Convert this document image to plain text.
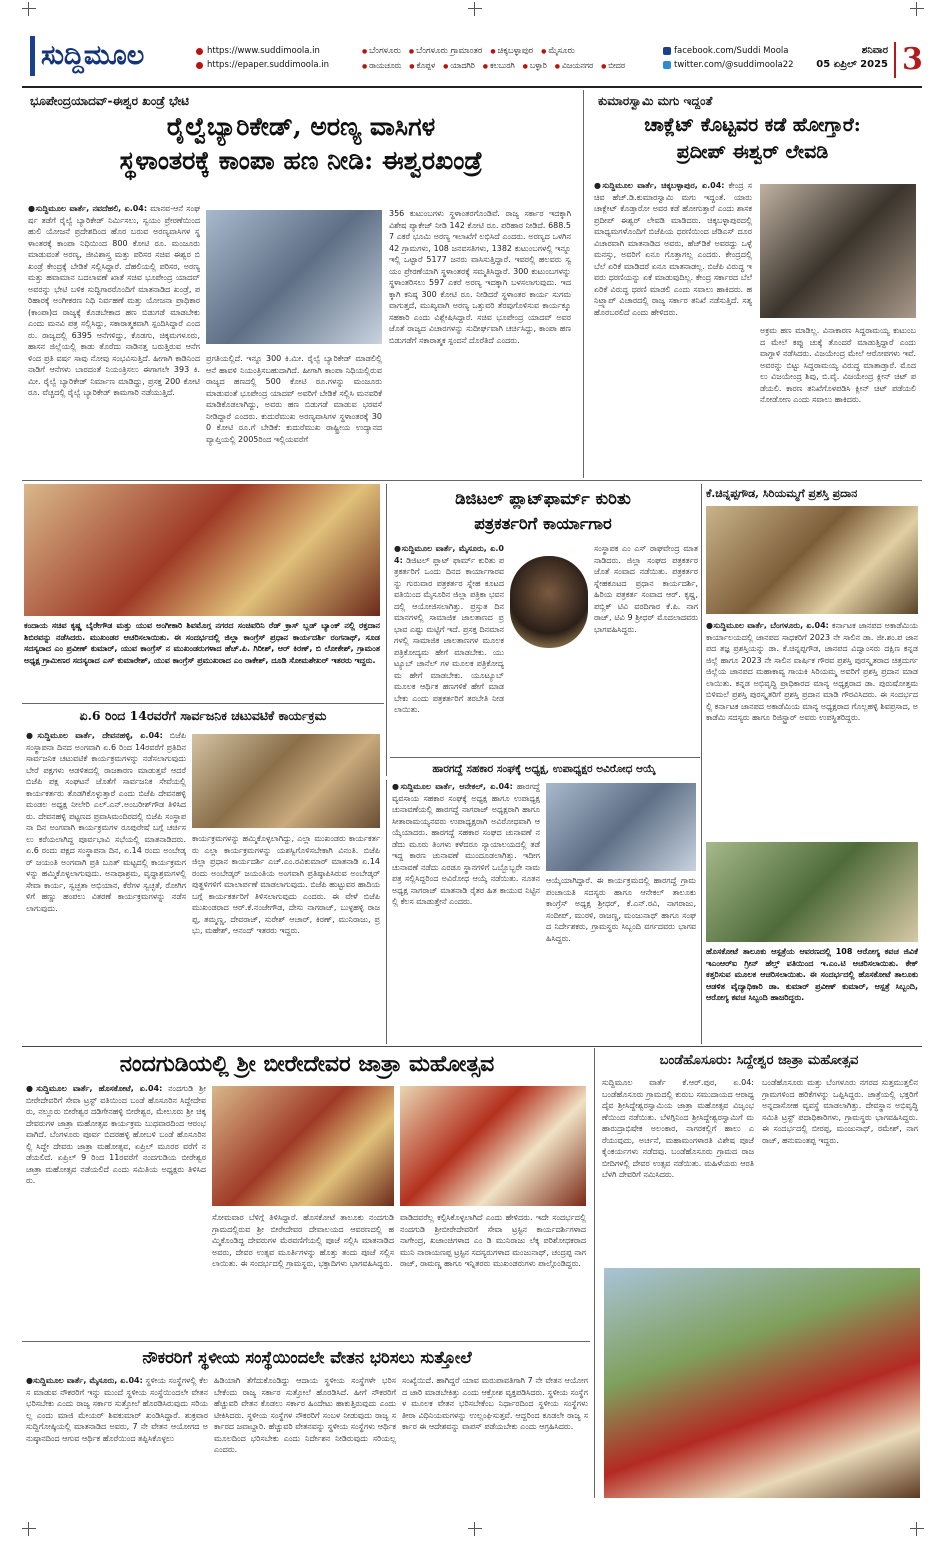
ಸುದ್ದಿಮೂಲ	https://www.suddimoola.in
https://epaper.suddimoola.in
● ಬೆಂಗಳೂರು ● ಬೆಂಗಳೂರು ಗ್ರಾಮಾಂತರ ● ಚಿಕ್ಕಬಳ್ಳಾಪುರ ● ಮೈಸೂರು
● ರಾಯಚೂರು ● ಕೊಪ್ಪಳ ● ಯಾದಗಿರಿ ● ಕಲಬುರಗಿ ● ಬಳ್ಳಾರಿ ● ವಿಜಯನಗರ ● ಬೀದರ
facebook.com/Suddi Moola
twitter.com/@suddimoola22
ಶನಿವಾರ
05 ಏಪ್ರಿಲ್ 2025 3
ಭೂಪೇಂದ್ರಯಾದವ್-ಈಶ್ವರ ಖಂಡ್ರೆ ಭೇಟಿ
ರೈಲ್ವೆಬ್ಯಾರಿಕೇಡ್, ಅರಣ್ಯ ವಾಸಿಗಳ
ಸ್ಥಳಾಂತರಕ್ಕೆ ಕಾಂಪಾ ಹಣ ನೀಡಿ: ಈಶ್ವರಖಂಡ್ರೆ
●ಸುದ್ದಿಮೂಲ ವಾರ್ತೆ, ನವದೆಹಲಿ, ಏ.04: ಮಾನವ-ಆನೆ ಸಂಘರ್ಷ ತಡೆಗೆ ರೈಲ್ವೆ ಬ್ಯಾರಿಕೇಡ್ ನಿರ್ಮಿಸಲು, ಸ್ವಯಂ ಪ್ರೇರಣೆಯಿಂದ ಹುಲಿ ಯೋಜನೆ ಪ್ರದೇಶದಿಂದ ಹೊರ ಬರುವ ಅರಣ್ಯವಾಸಿಗಳ ಸ್ಥಳಾಂತರಕ್ಕೆ ಕಾಂಪಾ ನಿಧಿಯಿಂದ 800 ಕೋಟಿ ರೂ. ಮಂಜೂರು ಮಾಡುವಂತೆ ಅರಣ್ಯ, ಜೀವಿಶಾಸ್ತ್ರ ಮತ್ತು ಪರಿಸರ ಸಚಿವ ಈಶ್ವರ ಬಿ ಖಂಡ್ರೆ ಕೇಂದ್ರಕ್ಕೆ ಬೇಡಿಕೆ ಸಲ್ಲಿಸಿದ್ದಾರೆ. ದೆಹಲಿಯಲ್ಲಿ ಪರಿಸರ, ಅರಣ್ಯ ಮತ್ತು ಹವಾಮಾನ ಬದಲಾವಣೆ ಖಾತೆ ಸಚಿವ ಭೂಪೇಂದ್ರ ಯಾದವ್ ಅವರನ್ನು ಭೇಟಿ ಬಳಿಕ ಸುದ್ದಿಗಾರರೊಂದಿಗೆ ಮಾತನಾಡಿದ ಖಂಡ್ರೆ, ಪರಿಹಾರಕ್ಕೆ ಅಂಗೀಕರಣ ನಿಧಿ ನಿರ್ವಹಣೆ ಮತ್ತು ಯೋಜನಾ ಪ್ರಾಧಿಕಾರ (ಕಾಂಪಾ)ದ ರಾಜ್ಯಕ್ಕೆ ಕೊಡಬೇಕಾದ ಹಣ ಬಿಡುಗಡೆ ಮಾಡಬೇಕು ಎಂದು ಮನವಿ ಪತ್ರ ಸಲ್ಲಿಸಿದ್ದು, ಸಕಾರಾತ್ಮಕವಾಗಿ ಸ್ಪಂದಿಸಿದ್ದಾರೆ ಎಂದರು. ರಾಜ್ಯದಲ್ಲಿ 6395 ಆನೆಗಳಿದ್ದು, ಕೊಡಗು, ಚಿಕ್ಕಮಗಳೂರು, ಹಾಸನ ಜಿಲ್ಲೆಯಲ್ಲಿ ಕಾಡು ತೊರೆದು ನಾಡಿನತ್ತ ಬರುತ್ತಿರುವ ಆನೆಗಳಿಂದ ಪ್ರತಿ ವರ್ಷ ಸಾವು ನೋವು ಸಂಭವಿಸುತ್ತಿದೆ. ಹೀಗಾಗಿ ಕಾಡಿನಿಂದ ನಾಡಿಗೆ ಆನೆಗಳು ಬಾರದಂತೆ ನಿಯಂತ್ರಿಸಲು ಈಗಾಗಲೇ 393 ಕಿ.ಮೀ. ರೈಲ್ವೆ ಬ್ಯಾರಿಕೇಡ್ ನಿರ್ಮಾಣ ಮಾಡಿದ್ದು, ಪ್ರಸಕ್ತ 200 ಕೋಟಿ ರೂ. ವೆಚ್ಚದಲ್ಲಿ ರೈಲ್ವೆ ಬ್ಯಾರಿಕೇಡ್ ಕಾಮಗಾರಿ ನಡೆಯುತ್ತಿದೆ.
ಪ್ರಗತಿಯಲ್ಲಿದೆ. ಇನ್ನೂ 300 ಕಿ.ಮೀ. ರೈಲ್ವೆ ಬ್ಯಾರಿಕೇಡ್ ಮಾಡಲಿಲ್ಲಿ ಆನೆ ಹಾವಳಿ ನಿಯಂತ್ರಿಸಬಹುದಾಗಿದೆ. ಹೀಗಾಗಿ ಕಾಂಪಾ ನಿಧಿಯಲ್ಲಿರುವ ರಾಜ್ಯದ ಹಣದಲ್ಲಿ 500 ಕೋಟಿ ರೂ.ಗಳನ್ನು ಮಂಜೂರು ಮಾಡುವಂತೆ ಭೂಪೇಂದ್ರ ಯಾದವ್ ಅವರಿಗೆ ಬೇಡಿಕೆ ಸಲ್ಲಿಸಿ ಮನವರಿಕೆ ಮಾಡಿಕೊಡಲಾಗಿದ್ದು, ಅವರು ಹಣ ಬಿಡುಗಡೆ ಮಾಡುವ ಭರವಸೆ ನೀಡಿದ್ದಾರೆ ಎಂದರು. ಕುದುರೆಮುಖ ಅರಣ್ಯವಾಸಿಗಳ ಸ್ಥಳಾಂತರಕ್ಕೆ 300 ಕೋಟಿ ರೂ.ಗೆ ಬೇಡಿಕೆ: ಕುದುರೆಮುಖ ರಾಷ್ಟ್ರೀಯ ಉದ್ಯಾನದ ವ್ಯಾಪ್ತಿಯಲ್ಲಿ 2005ರಿಂದ ಇಲ್ಲಿಯವರೆಗೆ
356 ಕುಟುಂಬಗಳು ಸ್ಥಳಾಂತರಗೊಂಡಿವೆ. ರಾಜ್ಯ ಸರ್ಕಾರ ಇದಕ್ಕಾಗಿ ವಿಶೇಷ ಪ್ಯಾಕೇಜ್ ನೀಡಿ 142 ಕೋಟಿ ರೂ. ಪರಿಹಾರ ನೀಡಿದೆ. 688.57 ಎಕರೆ ಭೂಮಿ ಅರಣ್ಯ ಇಲಾಖೆಗೆ ಲಭಿಸಿದೆ ಎಂದರು. ಅರಣ್ಯದ ಒಳಗಿನ 42 ಗ್ರಾಮಗಳು, 108 ಜನವಸತಿಗಳು, 1382 ಕುಟುಂಬಗಳಲ್ಲಿ ಇನ್ನೂ ಇಲ್ಲಿ ಒಟ್ಟಾರೆ 5177 ಜನರು ವಾಸಿಸುತ್ತಿದ್ದಾರೆ. ಇವರಲ್ಲಿ ಹಲವರು ಸ್ವಯಂ ಪ್ರೇರಣೆಯಾಗಿ ಸ್ಥಳಾಂತರಕ್ಕೆ ಸಮ್ಮತಿಸಿದ್ದಾರೆ. 300 ಕುಟುಂಬಗಳನ್ನು ಸ್ಥಳಾಂತರಿಸಲು 597 ಎಕರೆ ಅರಣ್ಯ ಇದಕ್ಕಾಗಿ ಬಳಸಲಾಗುವುದು. ಇದಕ್ಕಾಗಿ ಕನಿಷ್ಠ 300 ಕೋಟಿ ರೂ. ನೀಡಿದರೆ ಸ್ಥಳಾಂತರ ಕಾರ್ಯ ಸುಗಮವಾಗುತ್ತದೆ, ಮುಖ್ಯವಾಗಿ ಅರಣ್ಯ ಒತ್ತುವರಿ ತೆರವುಗೊಳಿಸುವ ಕಾರ್ಯಕ್ಕೂ ಸಹಕಾರಿ ಎಂದು ವಿಶ್ಲೇಷಿಸಿದ್ದಾರೆ. ಸಚಿವ ಭೂಪೇಂದ್ರ ಯಾದವ್ ಅವರ ಜೊತೆ ರಾಜ್ಯದ ವಿಚಾರಗಳನ್ನು ಸುದೀರ್ಘವಾಗಿ ಚರ್ಚಿಸಿದ್ದು, ಕಾಂಪಾ ಹಣ ಬಿಡುಗಡೆಗೆ ಸಕಾರಾತ್ಮಕ ಸ್ಪಂದನೆ ದೊರೆತಿದೆ ಎಂದರು.
ಕುಮಾರಸ್ವಾಮಿ ಮಗು ಇದ್ದಂತೆ
ಚಾಕ್ಲೆಟ್ ಕೊಟ್ಟವರ ಕಡೆ ಹೋಗ್ತಾರೆ:
ಪ್ರದೀಪ್ ಈಶ್ವರ್ ಲೇವಡಿ
●ಸುದ್ದಿಮೂಲ ವಾರ್ತೆ, ಚಿಕ್ಕಬಳ್ಳಾಪುರ, ಏ.04: ಕೇಂದ್ರ ಸಚಿವ ಹೆಚ್.ಡಿ.ಕುಮಾರಸ್ವಾಮಿ ಮಗು ಇದ್ದಂತೆ. ಯಾರು ಚಾಕ್ಲೇಟ್ ಕೊಡ್ತಾರೋ ಅವರ ಕಡೆ ಹೋಗುತ್ತಾರೆ ಎಂದು ಶಾಸಕ ಪ್ರದೀಪ್ ಈಶ್ವರ್ ಲೇವಡಿ ಮಾಡಿದರು. ಚಿಕ್ಕಬಳ್ಳಾಪುರದಲ್ಲಿ ಮಾಧ್ಯಮಗಳೊಂದಿಗೆ ಬಿಜೆಪಿಯ ಧರಣಿಯಿಂದ ಜೆಡಿಎಸ್ ದೂರ ವಿಚಾರವಾಗಿ ಮಾತನಾಡಿದ ಅವರು, ಹೆಚ್‌ಡಿಕೆ ಅವರದ್ದು ಒಳ್ಳೆ ಮನಸ್ಸು, ಅವರಿಗೆ ಏನೂ ಗೊತ್ತಾಗಲ್ಲ ಎಂದರು. ಕೇಂದ್ರದಲ್ಲಿ ಬೆಲೆ ಏರಿಕೆ ಮಾಡಿದರೆ ಏನೂ ಮಾತನಾಡಲ್ಲ. ಬಿಜೆಪಿ ವಿರುದ್ಧ ಇವರು ಧರಣಿಯನ್ನು ಏಕೆ ಮಾಡುವುದಿಲ್ಲ. ಕೇಂದ್ರ ಸರ್ಕಾರದ ಬೆಲೆ ಏರಿಕೆ ವಿರುದ್ಧ ಧರಣಿ ಮಾಡಲಿ ಎಂದು ಸವಾಲು ಹಾಕಿದರು. ಹನಿಟ್ರ್ಯಾಪ್ ವಿಚಾರದಲ್ಲಿ ರಾಜ್ಯ ಸರ್ಕಾರ ತನಿಖೆ ನಡೆಸುತ್ತಿದೆ. ಸತ್ಯ ಹೊರಬರಲಿದೆ ಎಂದು ಹೇಳಿದರು.
ಅಕ್ರಮ ಹಣ ಮಾಡಿಲ್ಲ. ವಿನಾಕಾರಣ ಸಿದ್ದರಾಮಯ್ಯ ಕುಟುಂಬದ ಮೇಲೆ ಕಪ್ಪು ಚುಕ್ಕೆ ತೊಂದರೆ ಮಾಡುತ್ತಿದ್ದಾರೆ ಎಂದು ವಾಗ್ದಾಳಿ ನಡೆಸಿದರು. ವಿಜಯೇಂದ್ರ ಮೇಲೆ ಆರೋಪಗಳು ಇವೆ. ಅವರನ್ನು ಬಿಟ್ಟು ಸಿದ್ದರಾಮಯ್ಯ ವಿರುದ್ಧ ಮಾತಾಡ್ತಾರೆ. ಮೊದಲು ವಿಜಯೇಂದ್ರ ಶಿವು, ಬಿ.ವೈ. ವಿಜಯೇಂದ್ರ ಕ್ಲೀನ್ ಚಿಟ್ ಪಡೆಯಲಿ. ಕಾರಣ ತನಿಖೆಗೊಳಪಡಿಸಿ ಕ್ಲೀನ್ ಚಿಟ್ ಪಡೆಯಲಿ ನೋಡೋಣ ಎಂದು ಸವಾಲು ಹಾಕಿದರು.
ಕಂದಾಯ ಸಚಿವ ಕೃಷ್ಣ ಬೈರೇಗೌಡ ಮತ್ತು ಯುವ ಅಂಗೀಕಾರಿ ಶಿವಮೊಗ್ಗ ನಗರದ ಸಂಚಿವರಿನಿ ರೆಡ್ ಕ್ರಾಸ್ ಬ್ಲಡ್ ಬ್ಯಾಂಕ್ ನಲ್ಲಿ ರಕ್ತದಾನ ಶಿಬಿರವನ್ನು ನಡೆಸಿದರು. ಮುಖಂಡರ ಆಚರಿಸಲಾಯಿತು. ಈ ಸಂದರ್ಭದಲ್ಲಿ ಜಿಲ್ಲಾ ಕಾಂಗ್ರೆಸ್ ಪ್ರಧಾನ ಕಾರ್ಯದರ್ಶಿ ರಂಗನಾಥ್, ಸೂಡ ಸದಸ್ಯರಾದ ಎಂ ಪ್ರವೀಣ್ ಕುಮಾರ್, ಯುವ ಕಾಂಗ್ರೆಸ್ ನ ಮುಖಂಡರುಗಳಾದ ಹೆಚ್.ಪಿ. ಗಿರೀಶ್, ಆರ್ ಕಿರಣ್, ಬಿ ಲೋಕೇಶ್, ಗ್ರಾಮಂತ ಅಧ್ಯಕ್ಷ ಗ್ರಾಮೀಣರ ಸದಸ್ಯರಾದ ಎಸ್ ಕುಮಾರೇಶ್, ಯುವ ಕಾಂಗ್ರೆಸ್ ಪ್ರಮುಖರಾದ ಎಂ ರಾಕೇಶ್, ದೂಡಿ ಸೋಮಶೇಖರ್ ಇತರರು ಇದ್ದರು.
ಡಿಜಿಟಲ್ ಪ್ಲಾಟ್‌ಫಾರ್ಮ್ ಕುರಿತು
ಪತ್ರಕರ್ತರಿಗೆ ಕಾರ್ಯಾಗಾರ
●ಸುದ್ದಿಮೂಲ ವಾರ್ತೆ, ಮೈಸೂರು, ಏ.04: ಡಿಜಿಟಲ್ ಪ್ಲಾಟ್ ಫಾರ್ಮ್ ಕುರಿತು ಪತ್ರಕರ್ತರಿಗೆ ಒಂದು ದಿನದ ಕಾರ್ಯಾಗಾರವನ್ನು ಗುರುವಾರ ಪತ್ರಕರ್ತರ ಸ್ನೇಹ ಕೂಟದ ವತಿಯಿಂದ ಮೈಸೂರಿನ ಜಿಲ್ಲಾ ಪತ್ರಿಕಾ ಭವನದಲ್ಲಿ ಆಯೋಜಿಸಲಾಗಿತ್ತು. ಪ್ರಸ್ತುತ ದಿನಮಾನಗಳಲ್ಲಿ ಸಾಮಾಜಿಕ ಜಾಲತಾಣದ ಪ್ರಭಾವ ಎಷ್ಟು ಮಟ್ಟಿಗೆ ಇದೆ. ಪ್ರಸಕ್ತ ದಿನಮಾನಗಳಲ್ಲಿ ಸಾಮಾಜಿಕ ಜಾಲತಾಣಗಳ ಮೂಲಕ ಪತ್ರಿಕೋದ್ಯಮ ಹೇಗೆ ಮಾಡಬೇಕು. ಯು ಟ್ಯೂಬ್ ಚಾನೆಲ್ ಗಳ ಮೂಲಕ ಪತ್ರಿಕೋದ್ಯಮ ಹೇಗೆ ಮಾಡಬೇಕು. ಯೂಟ್ಯೂಬ್ ಮೂಲಕ ಆರ್ಥಿಕ ಹಣಗಳಿಕೆ ಹೇಗೆ ಮಾಡಬೇಕು ಎಂದು ಪತ್ರಕರ್ತರಿಗೆ ತರಬೇತಿ ನೀಡಲಾಯಿತು.
ಸಂಸ್ಥಾಪಕ ಎಂ ಎಸ್ ರಾಘವೇಂದ್ರ ಮಾತನಾಡಿದರು. ಜಿಲ್ಲಾ ಸಂಘದ ಪತ್ರಕರ್ತರ ಜೊತೆ ಸಂವಾದ ನಡೆಯಿತು. ಪತ್ರಕರ್ತರ ಸ್ನೇಹಕೂಟದ ಪ್ರಧಾನ ಕಾರ್ಯದರ್ಶಿ, ಹಿರಿಯ ಪತ್ರಕರ್ತ ಸಂವಾದ ಆರ್. ಕೃಷ್ಣ, ಪಬ್ಲಿಕ್ ಟಿವಿ ವರದಿಗಾರ ಕೆ.ಪಿ. ನಾಗರಾಜ್, ಟಿವಿ 9 ಶ್ರೀಧರ್ ಮೊದಲಾದವರು ಭಾಗವಹಿಸಿದ್ದರು.
ಕೆ.ಚಿನ್ನಪ್ಪಗೌಡ, ಸಿರಿಯಮ್ಮಗೆ ಪ್ರಶಸ್ತಿ ಪ್ರದಾನ
●ಸುದ್ದಿಮೂಲ ವಾರ್ತೆ, ಬೆಂಗಳೂರು, ಏ.04: ಕರ್ನಾಟಕ ಜಾನಪದ ಅಕಾಡೆಮಿಯ ಕಾರ್ಯಾಲಯದಲ್ಲಿ ಜಾನಪದ ಸಾಧಕರಿಗೆ 2023 ನೇ ಸಾಲಿನ ಡಾ. ಜೀ.ಶಂ.ಪ ಜಾನಪದ ತಜ್ಞ ಪ್ರಶಸ್ತಿಯನ್ನು ಡಾ. ಕೆ.ಚಿನ್ನಪ್ಪಗೌಡ, ಜಾನಪದ ವಿದ್ವಾಂಸರು ದಕ್ಷಿಣ ಕನ್ನಡ ಜಿಲ್ಲೆ ಹಾಗೂ 2023 ನೇ ಸಾಲಿನ ವಾರ್ಷಿಕ ಗೌರವ ಪ್ರಶಸ್ತಿ ಪುರಸ್ಕೃತರಾದ ಚಿತ್ರದುರ್ಗ ಜಿಲ್ಲೆಯ ಜಾನಪದ ಮಹಾಕಾವ್ಯ ಗಾಯಕಿ ಸಿರಿಯಮ್ಮ ಅವರಿಗೆ ಪ್ರಶಸ್ತಿ ಪ್ರದಾನ ಮಾಡಲಾಯಿತು. ಕನ್ನಡ ಅಭಿವೃದ್ಧಿ ಪ್ರಾಧಿಕಾರದ ಮಾನ್ಯ ಅಧ್ಯಕ್ಷರಾದ ಡಾ. ಪುರುಷೋತ್ತಮ ಬಿಳಿಮಲೆ ಪ್ರಶಸ್ತಿ ಪುರಸ್ಕೃತರಿಗೆ ಪ್ರಶಸ್ತಿ ಪ್ರದಾನ ಮಾಡಿ ಗೌರವಿಸಿದರು. ಈ ಸಂದರ್ಭದಲ್ಲಿ ಕರ್ನಾಟಕ ಜಾನಪದ ಅಕಾಡೆಮಿಯ ಮಾನ್ಯ ಅಧ್ಯಕ್ಷರಾದ ಗೊಲ್ಲಹಳ್ಳಿ ಶಿವಪ್ರಸಾದ, ಅಕಾಡೆಮಿ ಸದಸ್ಯರು ಹಾಗೂ ರಿಜಿಸ್ಟ್ರಾರ್ ಅವರು ಉಪಸ್ಥಿತರಿದ್ದರು.
ಹೊಸಕೋಟೆ ತಾಲೂಕು ಆಸ್ಪತ್ರೆಯ ಆವರಣದಲ್ಲಿ 108 ಆರೋಗ್ಯ ಕವಚ ಜಿವಿಕೆ ಇಎಂಆರ್‌ಐ ಗ್ರೀನ್ ಹೆಲ್ತ್ ವತಿಯಿಂದ ಇ.ಎಂ.ಟಿ ಆಚರಿಸಲಾಯಿತು. ಕೇಕ್ ಕತ್ತರಿಸುವ ಮೂಲಕ ಆಚರಿಸಲಾಯಿತು. ಈ ಸಂದರ್ಭದಲ್ಲಿ ಹೊಸಕೋಟೆ ತಾಲೂಕು ಆಡಳಿತ ವೈದ್ಯಾಧಿಕಾರಿ ಡಾ. ಕುಮಾರ್ ಪ್ರವೀಣ್ ಕುಮಾರ್, ಆಸ್ಪತ್ರೆ ಸಿಬ್ಬಂದಿ, ಆರೋಗ್ಯ ಕವಚ ಸಿಬ್ಬಂದಿ ಹಾಜರಿದ್ದರು.
ಏ.6 ರಿಂದ 14ರವರೆಗೆ ಸಾರ್ವಜನಿಕ ಚಟುವಟಿಕೆ ಕಾರ್ಯಕ್ರಮ
●ಸುದ್ದಿಮೂಲ ವಾರ್ತೆ, ದೇವನಹಳ್ಳಿ, ಏ.04: ಬಿಜೆಪಿ ಸಂಸ್ಥಾಪನಾ ದಿನದ ಅಂಗವಾಗಿ ಏ.6 ರಿಂದ 14ರವರೆಗೆ ಪ್ರತಿದಿನ ಸಾರ್ವಜನಿಕ ಚಟುವಟಿಕೆ ಕಾರ್ಯಕ್ರಮಗಳನ್ನು ನಡೆಸಲಾಗುವುದು ಬೇರೆ ಪಕ್ಷಗಳು ಆಡಳಿತದಲ್ಲಿ ರಾಜಕಾರಣ ಮಾಡುತ್ತವೆ ಆದರೆ ಬಿಜೆಪಿ ಪಕ್ಷ ಸಂಘಟನೆ ಜೊತೆಗೆ ಸಾರ್ವಜನಿಕ ಸೇವೆಯಲ್ಲಿ ಕಾರ್ಯಕರ್ತರು ತೊಡಗಿಕೊಳ್ಳುತ್ತಾರೆ ಎಂದು ಬಿಜೆಪಿ ದೇವನಹಳ್ಳಿ ಮಂಡಲ ಅಧ್ಯಕ್ಷ ನೀಲೇರಿ ಎಲ್.ಎನ್.ಅಂಬರೀಶ್‌ಗೌಡ ತಿಳಿಸಿದರು. ದೇವನಹಳ್ಳಿ ಪಟ್ಟಣದ ಪ್ರವಾಸಿಮಂದಿರದಲ್ಲಿ ಬಿಜೆಪಿ ಸಂಸ್ಥಾಪನಾ ದಿನ ಅಂಗವಾಗಿ ಕಾರ್ಯಕ್ರಮಗಳ ರೂಪುರೇಷೆ ಬಗ್ಗೆ ಚರ್ಚಿಸಲು ಕರೆಯಲಾಗಿದ್ದ ಪೂರ್ವಭಾವಿ ಸಭೆಯಲ್ಲಿ ಮಾತನಾಡಿದರು. ಏ.6 ರಂದು ಪಕ್ಷದ ಸಂಸ್ಥಾಪನಾ ದಿನ, ಏ.14 ರಂದು ಅಂಬೇಡ್ಕರ್ ಜಯಂತಿ ಅಂಗವಾಗಿ ಪ್ರತಿ ಬೂತ್ ಮಟ್ಟದಲ್ಲಿ ಕಾರ್ಯಕ್ರಮಗಳನ್ನು ಹಮ್ಮಿಕೊಳ್ಳಲಾಗುವುದು. ಅನಾಥಾಶ್ರಮ, ವೃದ್ಧಾಶ್ರಮಗಳಲ್ಲಿ ಸೇವಾ ಕಾರ್ಯ, ಸ್ವಚ್ಛತಾ ಅಭಿಯಾನ, ಕೆರೆಗಳ ಸ್ವಚ್ಛತೆ, ರೋಗಿಗಳಿಗೆ ಹಣ್ಣು ಹಂಪಲು ವಿತರಣೆ ಕಾರ್ಯಕ್ರಮಗಳನ್ನು ನಡೆಸಲಾಗುವುದು.
ಕಾರ್ಯಕ್ರಮಗಳನ್ನು ಹಮ್ಮಿಕೊಳ್ಳಲಾಗಿದ್ದು, ಎಲ್ಲಾ ಮುಖಂಡರು ಕಾರ್ಯಕರ್ತರು ಎಲ್ಲಾ ಕಾರ್ಯಕ್ರಮಗಳನ್ನು ಯಶಸ್ವಿಗೊಳಿಸಬೇಕಾಗಿ ವಿನಂತಿ. ಬಿಜೆಪಿ ಜಿಲ್ಲಾ ಪ್ರಧಾನ ಕಾರ್ಯದರ್ಶಿ ಎಚ್.ಎಂ.ರವಿಕುಮಾರ್ ಮಾತನಾಡಿ ಏ.14 ರಂದು ಅಂಬೇಡ್ಕರ್ ಜಯಂತಿಯ ಅಂಗವಾಗಿ ಪ್ರತಿಷ್ಠಾಪಿಸಿರುವ ಅಂಬೇಡ್ಕರ್ ಪುತ್ಥಳಿಗಳಿಗೆ ಮಾಲಾರ್ಪಣೆ ಮಾಡಲಾಗುವುದು. ಬಿಜೆಪಿ ಹುಟ್ಟುವರ ಹಾದಿಯ ಬಗ್ಗೆ ಕಾರ್ಯಕರ್ತರಿಗೆ ತಿಳಿಸಲಾಗುವುದು ಎಂದರು. ಈ ವೇಳೆ ಬಿಜೆಪಿ ಮುಖಂಡರಾದ ಆರ್.ಕೆ.ನಂಜೇಗೌಡ, ದೇಸು ನಾಗರಾಜ್, ಬುಳ್ಳಹಳ್ಳಿ ರಾಜಪ್ಪ, ತಮ್ಮಣ್ಣ, ದೇವರಾಜ್, ಸುರೇಶ್ ಆಚಾರ್, ಕಿರಣ್, ಮುನಿರಾಜು, ಪ್ರಭು, ಮಹೇಶ್, ಆನಂದ್ ಇತರರು ಇದ್ದರು.
ಹಾರಗದ್ದೆ ಸಹಕಾರ ಸಂಘಕ್ಕೆ ಅಧ್ಯಕ್ಷ, ಉಪಾಧ್ಯಕ್ಷರ ಅವಿರೋಧ ಆಯ್ಕೆ
●ಸುದ್ದಿಮೂಲ ವಾರ್ತೆ, ಆನೇಕಲ್, ಏ.04: ಹಾರಗದ್ದೆ ವ್ಯವಸಾಯ ಸಹಕಾರ ಸಂಘಕ್ಕೆ ಅಧ್ಯಕ್ಷ ಹಾಗೂ ಉಪಾಧ್ಯಕ್ಷ ಚುನಾವಣೆಯಲ್ಲಿ ಹಾರಗದ್ದೆ ನಾಗರಾಜ್ ಅಧ್ಯಕ್ಷರಾಗಿ ಹಾಗೂ ಸೀತಾರಾಮಯ್ಯನವರು ಉಪಾಧ್ಯಕ್ಷರಾಗಿ ಅವಿರೋಧವಾಗಿ ಆಯ್ಕೆಯಾದರು. ಹಾರಗದ್ದೆ ಸಹಕಾರ ಸಂಘದ ಚುನಾವಣೆ ನಡೆದು ಮೂರು ತಿಂಗಳು ಕಳೆದರೂ ನ್ಯಾಯಾಲಯದಲ್ಲಿ ತಡೆ ಇದ್ದ ಕಾರಣ ಚುನಾವಣೆ ಮುಂದೂಡಲಾಗಿತ್ತು. ಇದೀಗ ಚುನಾವಣೆ ನಡೆದು ಎರಡೂ ಸ್ಥಾನಗಳಿಗೆ ಒಬ್ಬೊಬ್ಬರೇ ನಾಮಪತ್ರ ಸಲ್ಲಿಸಿದ್ದರಿಂದ ಅವಿರೋಧ ಆಯ್ಕೆ ನಡೆಯಿತು. ನೂತನ ಅಧ್ಯಕ್ಷ ನಾಗರಾಜ್ ಮಾತನಾಡಿ ರೈತರ ಹಿತ ಕಾಯುವ ನಿಟ್ಟಿನಲ್ಲಿ ಕೆಲಸ ಮಾಡುತ್ತೇನೆ ಎಂದರು.
ಆಯ್ಕೆಯಾಗಿದ್ದಾರೆ. ಈ ಕಾರ್ಯಕ್ರಮದಲ್ಲಿ ಹಾರಗದ್ದೆ ಗ್ರಾಮ ಪಂಚಾಯತಿ ಸದಸ್ಯರು ಹಾಗೂ ಆನೇಕಲ್ ತಾಲೂಕು ಕಾಂಗ್ರೆಸ್ ಅಧ್ಯಕ್ಷ ಶ್ರೀಧರ್, ಕೆ.ಎನ್.ರವಿ, ನಾಗರಾಜು, ಸಂದೀಪ್, ಮುರಳಿ, ರಾಜಣ್ಣ, ಮಂಜುನಾಥ್ ಹಾಗೂ ಸಂಘದ ನಿರ್ದೇಶಕರು, ಗ್ರಾಮಸ್ಥರು ಸಿಬ್ಬಂದಿ ವರ್ಗದವರು ಭಾಗವಹಿಸಿದ್ದರು.
ನಂದಗುಡಿಯಲ್ಲಿ ಶ್ರೀ ಬೀರೇದೇವರ ಜಾತ್ರಾ ಮಹೋತ್ಸವ
●ಸುದ್ದಿಮೂಲ ವಾರ್ತೆ, ಹೊಸಕೋಟೆ, ಏ.04: ನಂದಗುಡಿ ಶ್ರೀ ಬೀರೇದೇವರಿಗೆ ಸೇವಾ ಟ್ರಸ್ಟ್ ವತಿಯಿಂದ ಬಂಡೆ ಹೊಸೂರಿನ ಸಿದ್ದೇದೇವರು, ನಲ್ಲೂರು ಬೀರೇಶ್ವರ ದಡಿಗೇನಹಳ್ಳಿ ಬೀರೇಶ್ವರ, ಮೇಲೂರು ಶ್ರೀ ಚಿಕ್ಕ ದೇವರುಗಳ ಜಾತ್ರಾ ಮಹೋತ್ಸವ ಕಾರ್ಯಕ್ರಮ ಬುಧವಾರದಿಂದ ಆರಂಭವಾಗಿದೆ. ಬೆಂಗಳೂರು ಪೂರ್ವ ಬಿದರಹಳ್ಳಿ ಹೋಬಳಿ ಬಂಡೆ ಹೊಸೂರಿನಲ್ಲಿ ಸಿದ್ದೇ ದೇವರು ಜಾತ್ರಾ ಮಹೋತ್ಸವ, ಏಪ್ರಿಲ್ ಮೂರರ ವರೆಗೆ ನಡೆಯಲಿದೆ. ಏಪ್ರಿಲ್ 9 ರಿಂದ 11ರವರೆಗೆ ನಂದಗುಡಿಯ ಬೀರೇಶ್ವರ ಜಾತ್ರಾ ಮಹೋತ್ಸವ ನಡೆಯಲಿದೆ ಎಂದು ಸಮಿತಿಯ ಅಧ್ಯಕ್ಷರು ತಿಳಿಸಿದರು.
ಸೋಮವಾರ ಬೆಳಿಗ್ಗೆ ತಿಳಿಸಿದ್ದಾರೆ. ಹೊಸಕೋಟೆ ತಾಲೂಕು ನಂದಗುಡಿ ಗ್ರಾಮದಲ್ಲಿರುವ ಶ್ರೀ ಬೀರೇದೇವರ ದೇವಾಲಯದ ಆವರಣದಲ್ಲಿ ಹಮ್ಮಿಕೊಂಡಿದ್ದ ದೇವರುಗಳ ಮೆರವಣಿಗೆಯಲ್ಲಿ ಪೂಜೆ ಸಲ್ಲಿಸಿ ಮಾತನಾಡಿದ ಅವರು, ದೇವರ ಉತ್ಸವ ಮೂರ್ತಿಗಳನ್ನು ಹೊತ್ತು ತಂದು ಪೂಜೆ ಸಲ್ಲಿಸಲಾಯಿತು. ಈ ಸಂದರ್ಭದಲ್ಲಿ ಗ್ರಾಮಸ್ಥರು, ಭಕ್ತಾದಿಗಳು ಭಾಗವಹಿಸಿದ್ದರು.
ವಾಡಿದವರೆಲ್ಲ ಕಲ್ಪಿಸಿಕೊಳ್ಳಲಾಗಿದೆ ಎಂದು ಹೇಳಿದರು. ಇದೇ ಸಂದರ್ಭದಲ್ಲಿ ನಂದಗುಡಿ ಶ್ರೀಬೀರೇದೇವರಿಗೆ ಸೇವಾ ಟ್ರಸ್ಟಿನ ಕಾರ್ಯದರ್ಶಿಗಳಾದ ನಾಗೇಂದ್ರ, ಖಜಾಂಚಿಗಳಾದ ಎಂ ಡಿ ಮುನಿರಾಜು ಲೆಕ್ಕ ಪರಿಶೋಧಕರಾದ ಮುನಿ ನಾರಾಯಣಪ್ಪ ಟ್ರಸ್ಟಿನ ಸದಸ್ಯರುಗಳಾದ ಮಂಜುನಾಥ್, ಚಂದ್ರಪ್ಪ ನಾಗರಾಜ್, ರಾಮಣ್ಣ ಹಾಗೂ ಇನ್ನಿತರರು ಮುಖಂಡರುಗಳು ಪಾಲ್ಗೊಂಡಿದ್ದರು.
ಬಂಡೆಹೊಸೂರು: ಸಿದ್ದೇಶ್ವರ ಜಾತ್ರಾ ಮಹೋತ್ಸವ
ಸುದ್ದಿಮೂಲ ವಾರ್ತೆ ಕೆ.ಆರ್.ಪುರ, ಏ.04: ಬಂಡೆಹೊಸೂರು ಗ್ರಾಮದಲ್ಲಿ ಕುರುಬ ಸಮುದಾಯದ ಆರಾಧ್ಯದೈವ ಶ್ರೀಸಿದ್ದೇಶ್ವರಸ್ವಾಮಿಯ ಜಾತ್ರಾ ಮಹೋತ್ಸವ ವಿಜೃಂಭಣೆಯಿಂದ ನಡೆಯಿತು. ಬೆಳಗ್ಗಿನಿಂದ ಶ್ರೀಸಿದ್ದೇಶ್ವರಸ್ವಾಮಿಗೆ ಮಹಾರುದ್ರಾಭಿಷೇಕ ಅಲಂಕಾರ, ನಾಗರಕಲ್ಲಿಗೆ ಹಾಲು ಎರೆಯುವುದು, ಅರ್ಚನೆ, ಮಹಾಮಂಗಳಾರತಿ ವಿಶೇಷ ಪೂಜೆ ಕೈಂಕರ್ಯಗಳು ನಡೆದವು. ಬಂಡೆಹೊಸೂರು ಗ್ರಾಮದ ರಾಜಬೀದಿಗಳಲ್ಲಿ ದೇವರ ಉತ್ಸವ ನಡೆಯಿತು. ಮಹಿಳೆಯರು ಆರತಿ ಬೆಳಗಿ ದೇವರಿಗೆ ನಮಿಸಿದರು.
ಬಂಡೆಹೊಸೂರು ಮತ್ತು ಬೆಂಗಳೂರು ನಗರದ ಸುತ್ತಮುತ್ತಲಿನ ಗ್ರಾಮಗಳಿಂದ ಹರಿಕೆಗಳನ್ನು ಒಪ್ಪಿಸಿದ್ದರು. ಜಾತ್ರೆಯಲ್ಲಿ ಭಕ್ತರಿಗೆ ಅನ್ನದಾಸೋಹ ವ್ಯವಸ್ಥೆ ಮಾಡಲಾಗಿತ್ತು. ದೇವಸ್ಥಾನ ಅಭಿವೃದ್ಧಿ ಸಮಿತಿ ಟ್ರಸ್ಟ್ ಪದಾಧಿಕಾರಿಗಳು, ಗ್ರಾಮಸ್ಥರು ಭಾಗವಹಿಸಿದ್ದರು. ಈ ಸಂದರ್ಭದಲ್ಲಿ ಬೀರಪ್ಪ, ಮಂಜುನಾಥ್, ರಮೇಶ್, ನಾಗರಾಜ್, ಹನುಮಂತಪ್ಪ ಇದ್ದರು.
ನೌಕರರಿಗೆ ಸ್ಥಳೀಯ ಸಂಸ್ಥೆಯಿಂದಲೇ ವೇತನ ಭರಿಸಲು ಸುತ್ತೋಲೆ
●ಸುದ್ದಿಮೂಲ ವಾರ್ತೆ, ಮೈಸೂರು, ಏ.04: ಸ್ಥಳೀಯ ಸಂಸ್ಥೆಗಳಲ್ಲಿ ಕೆಲಸ ಮಾಡುವ ನೌಕರರಿಗೆ ಇನ್ನು ಮುಂದೆ ಸ್ಥಳೀಯ ಸಂಸ್ಥೆಯಿಂದಲೇ ವೇತನ ಭರಿಸಬೇಕು ಎಂದು ರಾಜ್ಯ ಸರ್ಕಾರ ಸುತ್ತೋಲೆ ಹೊರಡಿಸಿರುವುದು ಸರಿಯಲ್ಲ ಎಂದು ಮಾಜಿ ಮೇಯರ್ ಶಿವಕುಮಾರ್ ಖಂಡಿಸಿದ್ದಾರೆ. ಶುಕ್ರವಾರ ಸುದ್ದಿಗೋಷ್ಠಿಯಲ್ಲಿ ಮಾತನಾಡಿದ ಅವರು, 7 ನೇ ವೇತನ ಆಯೋಗದ ಅನುಷ್ಠಾನದಿಂದ ಆಗುವ ಆರ್ಥಿಕ ಹೊರೆಯಿಂದ ತಪ್ಪಿಸಿಕೊಳ್ಳಲು
ಹಿಡಿಯಾಗಿ ತೆಗೆದುಕೊಂಡಿದ್ದು ಆದಾಯ ಸ್ಥಳೀಯ ಸಂಸ್ಥೆಗಳೇ ಭರಿಸಬೇಕೆಂದು ರಾಜ್ಯ ಸರ್ಕಾರ ಸುತ್ತೋಲೆ ಹೊರಡಿಸಿದೆ. ಹೀಗೆ ನೌಕರರಿಗೆ ಹೆಚ್ಚುವರಿ ವೇತನ ಕೊಡಲು ಸರ್ಕಾರ ಹಿಂದೇಟು ಹಾಕುತ್ತಿರುವುದು ಎಂದು ಟೀಕಿಸಿದರು. ಸ್ಥಳೀಯ ಸಂಸ್ಥೆಗಳ ನೌಕರರಿಗೆ ಸಂಬಳ ನೀಡುವುದು ರಾಜ್ಯ ಸರ್ಕಾರದ ಜವಾಬ್ದಾರಿ. ಹೆಚ್ಚುವರಿ ವೇತನವನ್ನು ಸ್ಥಳೀಯ ಸಂಸ್ಥೆಗಳು ಆರ್ಥಿಕ ಮೂಲದಿಂದ ಭರಿಸಬೇಕು ಎಂದು ನಿರ್ದೇಶನ ನೀಡಿರುವುದು ಸರಿಯಲ್ಲ ಎಂದರು.
ಸಂಖ್ಯೆಯಿದೆ. ಹಾಗಿದ್ದರೆ ಯಾವ ಮರುಪಾವತಿಗಾಗಿ 7 ನೇ ವೇತನ ಆಯೋಗದ ಜಾರಿ ಮಾಡಬೇಕಿತ್ತು ಎಂದು ಆಕ್ರೋಶ ವ್ಯಕ್ತಪಡಿಸಿದರು. ಸ್ಥಳೀಯ ಸಂಸ್ಥೆಗಳ ಮೂಲಕ ವೇತನ ಭರಿಸಬೇಕೆಂಬ ನಿರ್ಧಾರದಿಂದ ಸ್ಥಳೀಯ ಸಂಸ್ಥೆಗಳು ತೀರಾ ವಿಧಿನಿಯಮಗಳನ್ನು ಉಲ್ಲಂಘಿಸುತ್ತವೆ. ಆದ್ದರಿಂದ ಕೂಡಲೇ ರಾಜ್ಯ ಸರ್ಕಾರ ಈ ಆದೇಶವನ್ನು ವಾಪಸ್ ಪಡೆಯಬೇಕು ಎಂದು ಆಗ್ರಹಿಸಿದರು.
